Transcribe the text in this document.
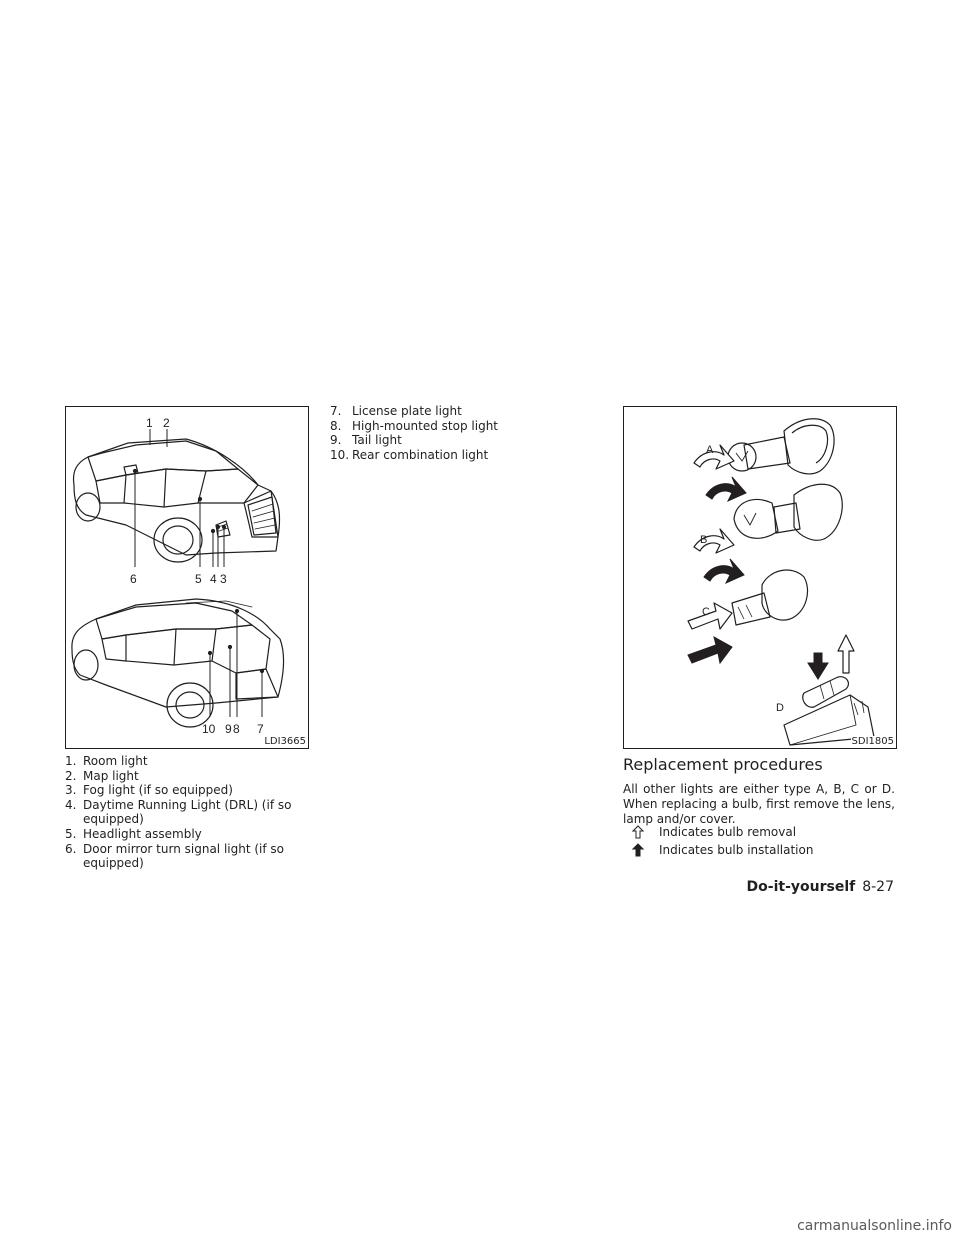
1 2
6	5 4 3
10 9 8 7
LDI3665
1. Room light
2. Map light
3. Fog light (if so equipped)
4. Daytime Running Light (DRL) (if so equipped)
5. Headlight assembly
6. Door mirror turn signal light (if so equipped)
7. License plate light
8. High-mounted stop light
9. Tail light
10. Rear combination light	A
B
C
D
SDI1805
Replacement procedures

All other lights are either type A, B, C or D. When replacing a bulb, first remove the lens, lamp and/or cover.

Indicates bulb removal
Indicates bulb installation
Do-it-yourself 8-27
carmanualsonline.info
